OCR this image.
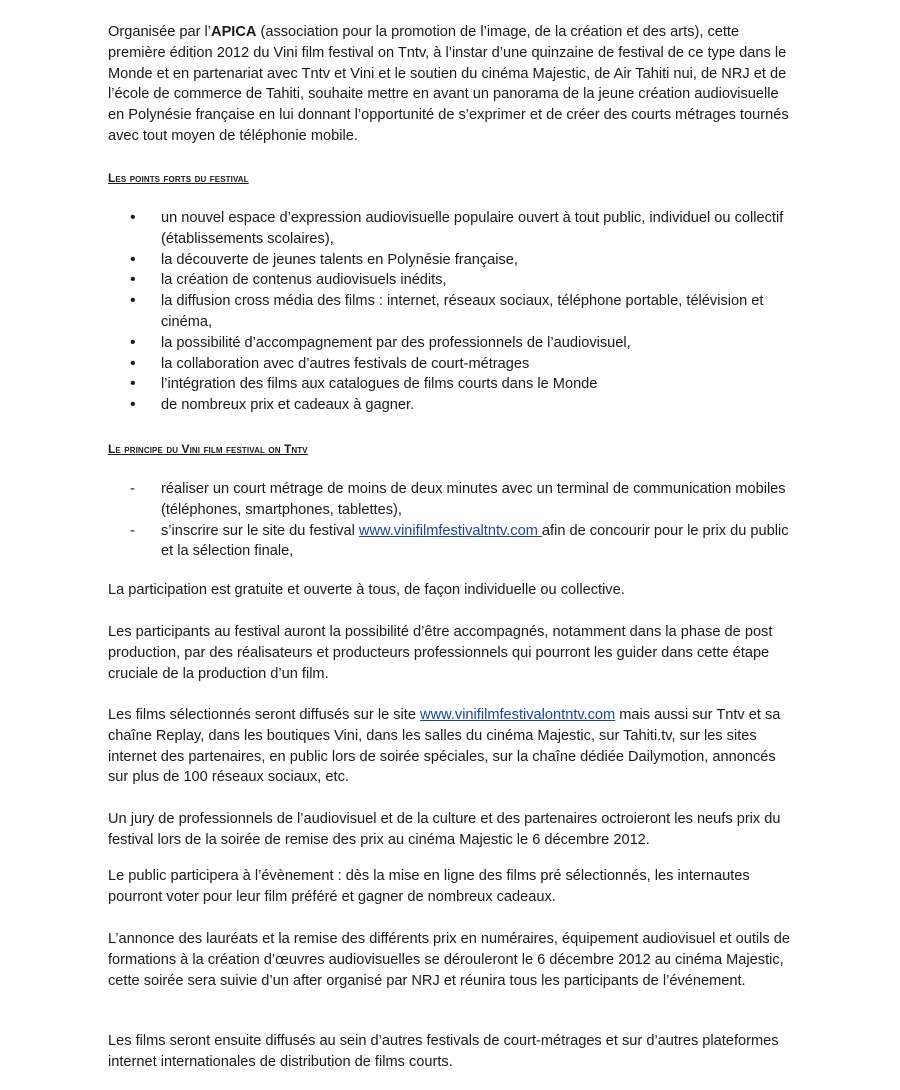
Organisée par l’APICA (association pour la promotion de l’image, de la création et des arts), cette première édition 2012 du Vini film festival on Tntv, à l’instar d’une quinzaine de festival de ce type dans le Monde et en partenariat avec Tntv et Vini et le soutien du cinéma Majestic, de Air Tahiti nui, de NRJ et de l’école de commerce de Tahiti, souhaite mettre en avant un panorama de la jeune création audiovisuelle en Polynésie française en lui donnant l’opportunité de s’exprimer et de créer des courts métrages tournés avec tout moyen de téléphonie mobile.

Les points forts du festival
• un nouvel espace d’expression audiovisuelle populaire ouvert à tout public, individuel ou collectif (établissements scolaires),
• la découverte de jeunes talents en Polynésie française,
• la création de contenus audiovisuels inédits,
• la diffusion cross média des films : internet, réseaux sociaux, téléphone portable, télévision et cinéma,
• la possibilité d’accompagnement par des professionnels de l’audiovisuel,
• la collaboration avec d’autres festivals de court-métrages
• l’intégration des films aux catalogues de films courts dans le Monde
• de nombreux prix et cadeaux à gagner.
Le principe du Vini film festival on Tntv
- réaliser un court métrage de moins de deux minutes avec un terminal de communication mobiles (téléphones, smartphones, tablettes),
- s’inscrire sur le site du festival www.vinifilmfestivaltntv.com afin de concourir pour le prix du public et la sélection finale,

La participation est gratuite et ouverte à tous, de façon individuelle ou collective.

Les participants au festival auront la possibilité d’être accompagnés, notamment dans la phase de post production, par des réalisateurs et producteurs professionnels qui pourront les guider dans cette étape cruciale de la production d’un film.

Les films sélectionnés seront diffusés sur le site www.vinifilmfestivalontntv.com mais aussi sur Tntv et sa chaîne Replay, dans les boutiques Vini, dans les salles du cinéma Majestic, sur Tahiti.tv, sur les sites internet des partenaires, en public lors de soirée spéciales, sur la chaîne dédiée Dailymotion, annoncés sur plus de 100 réseaux sociaux, etc.

Un jury de professionnels de l’audiovisuel et de la culture et des partenaires octroieront les neufs prix du festival lors de la soirée de remise des prix au cinéma Majestic le 6 décembre 2012.

Le public participera à l’évènement : dès la mise en ligne des films pré sélectionnés, les internautes pourront voter pour leur film préféré et gagner de nombreux cadeaux.

L’annonce des lauréats et la remise des différents prix en numéraires, équipement audiovisuel et outils de formations à la création d’œuvres audiovisuelles se dérouleront le 6 décembre 2012 au cinéma Majestic, cette soirée sera suivie d’un after organisé par NRJ et réunira tous les participants de l’événement.

Les films seront ensuite diffusés au sein d’autres festivals de court-métrages et sur d’autres plateformes internet internationales de distribution de films courts.
